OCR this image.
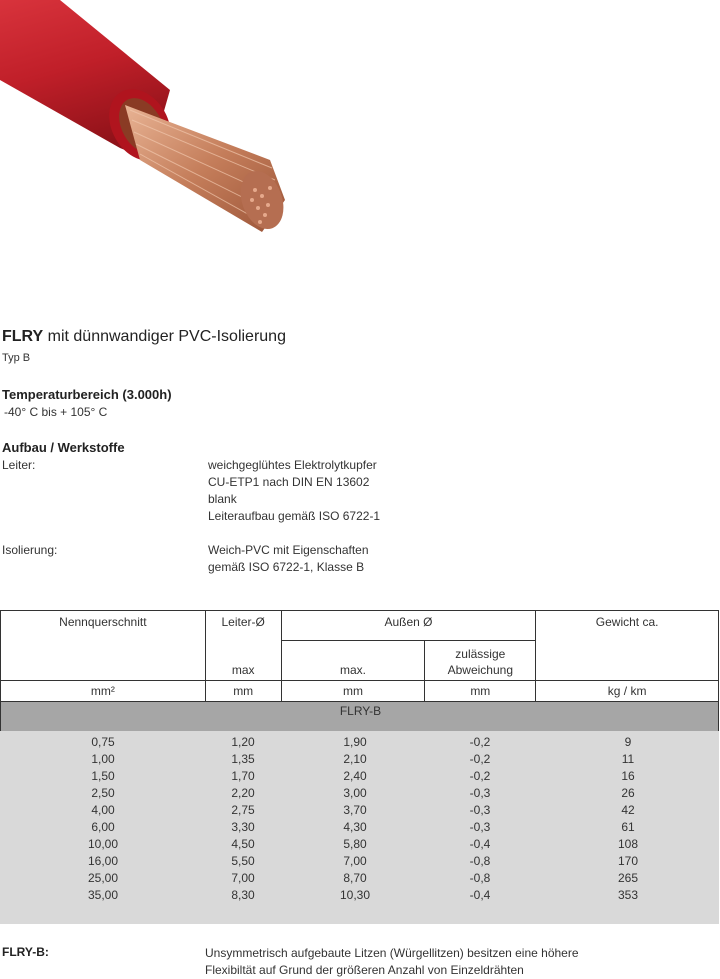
FLRY mit dünnwandiger PVC-Isolierung
Typ B
Temperaturbereich (3.000h)
-40° C bis + 105° C
Aufbau / Werkstoffe
Leiter:	weichgeglühtes Elektrolytkupfer
CU-ETP1 nach DIN EN 13602
blank
Leiteraufbau gemäß ISO 6722-1
Isolierung:	Weich-PVC mit Eigenschaften
gemäß ISO 6722-1, Klasse B
Nennquerschnitt	Leiter-Ø	Außen Ø		Gewicht ca.
	max	max.	zulässige
Abweichung	

mm²	mm	mm	mm	kg / km
FLRY-B				
0,75	1,20	1,90	-0,2	9
1,00	1,35	2,10	-0,2	11
1,50	1,70	2,40	-0,2	16
2,50	2,20	3,00	-0,3	26
4,00	2,75	3,70	-0,3	42
6,00	3,30	4,30	-0,3	61
10,00	4,50	5,80	-0,4	108
16,00	5,50	7,00	-0,8	170
25,00	7,00	8,70	-0,8	265
35,00	8,30	10,30	-0,4	353
FLRY-B:	Unsymmetrisch aufgebaute Litzen (Würgellitzen) besitzen eine höhere
Flexibiltät auf Grund der größeren Anzahl von Einzeldrähten
